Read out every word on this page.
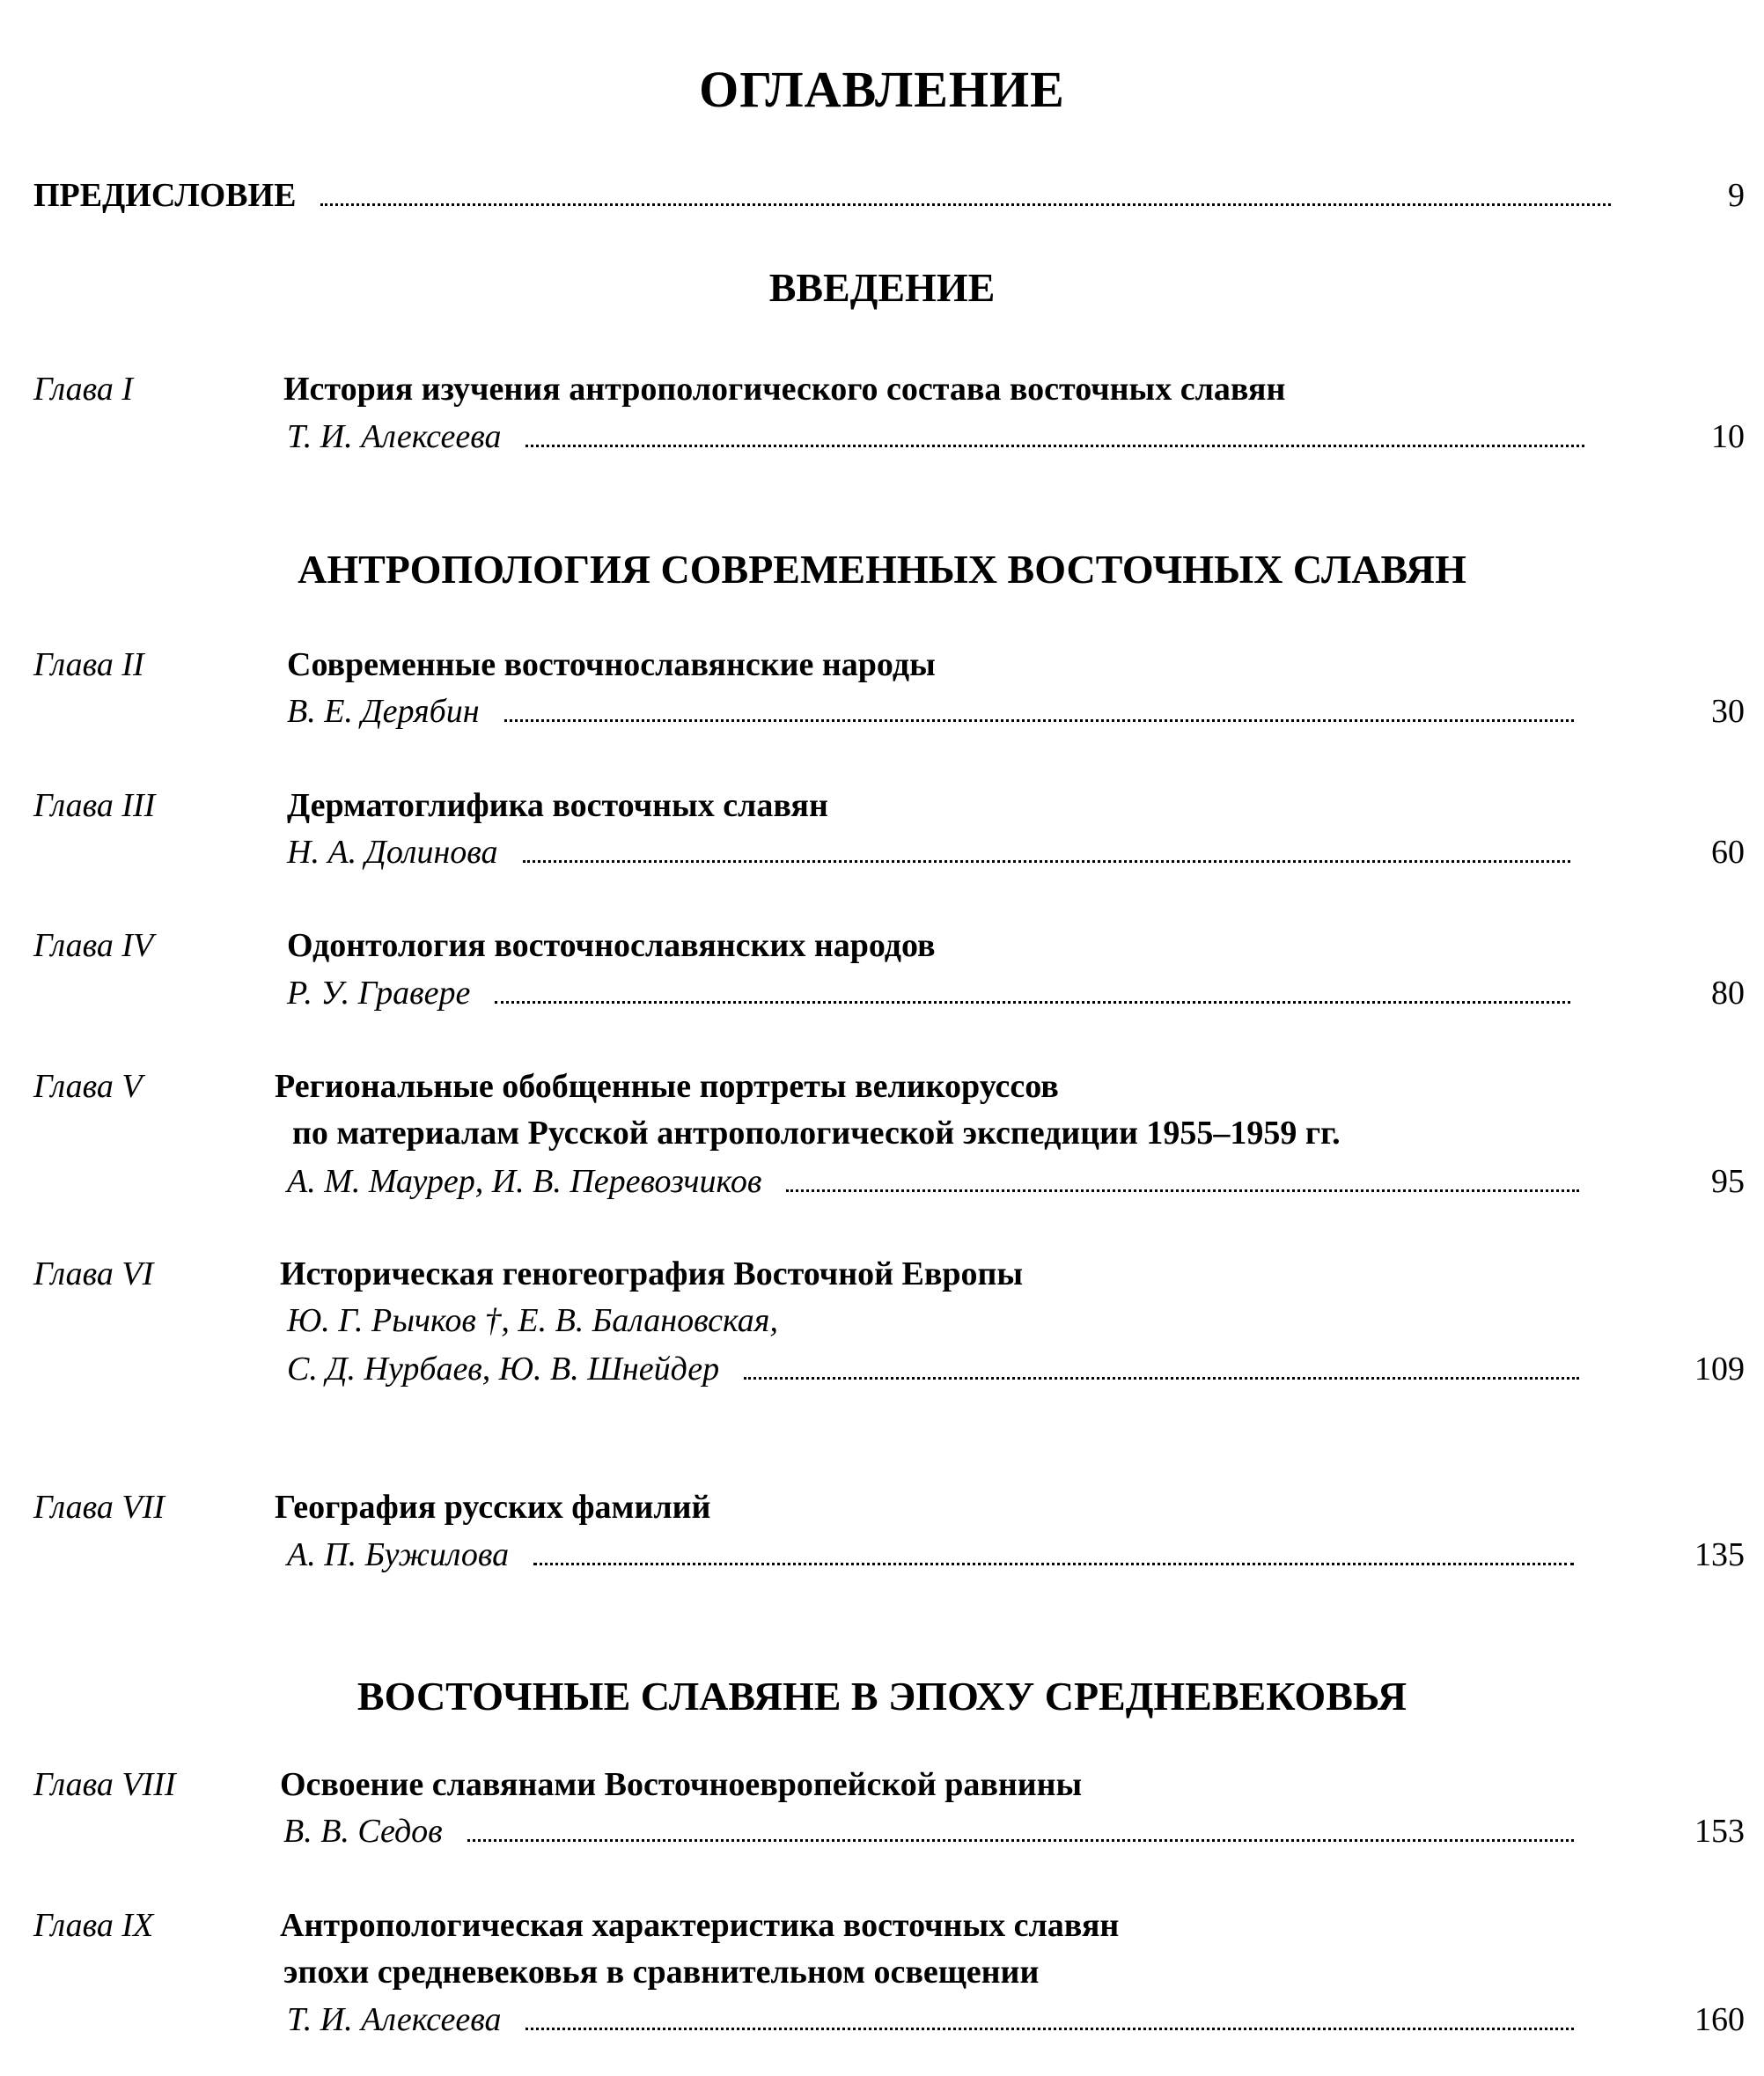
ОГЛАВЛЕНИЕ
ПРЕДИСЛОВИЕ	9
ВВЕДЕНИЕ
Глава I	История изучения антропологического состава восточных славян
Т. И. Алексеева	10
АНТРОПОЛОГИЯ СОВРЕМЕННЫХ ВОСТОЧНЫХ СЛАВЯН
Глава II	Современные восточнославянские народы
В. Е. Дерябин	30
Глава III	Дерматоглифика восточных славян
Н. А. Долинова	60
Глава IV	Одонтология восточнославянских народов
Р. У. Гравере	80
Глава V	Региональные обобщенные портреты великоруссов
по материалам Русской антропологической экспедиции 1955–1959 гг.
А. М. Маурер, И. В. Перевозчиков	95
Глава VI	Историческая геногеография Восточной Европы
Ю. Г. Рычков †, Е. В. Балановская,
С. Д. Нурбаев, Ю. В. Шнейдер	109
Глава VII	География русских фамилий
А. П. Бужилова	135
ВОСТОЧНЫЕ СЛАВЯНЕ В ЭПОХУ СРЕДНЕВЕКОВЬЯ
Глава VIII	Освоение славянами Восточноевропейской равнины
В. В. Седов	153
Глава IX	Антропологическая характеристика восточных славян
эпохи средневековья в сравнительном освещении
Т. И. Алексеева	160
